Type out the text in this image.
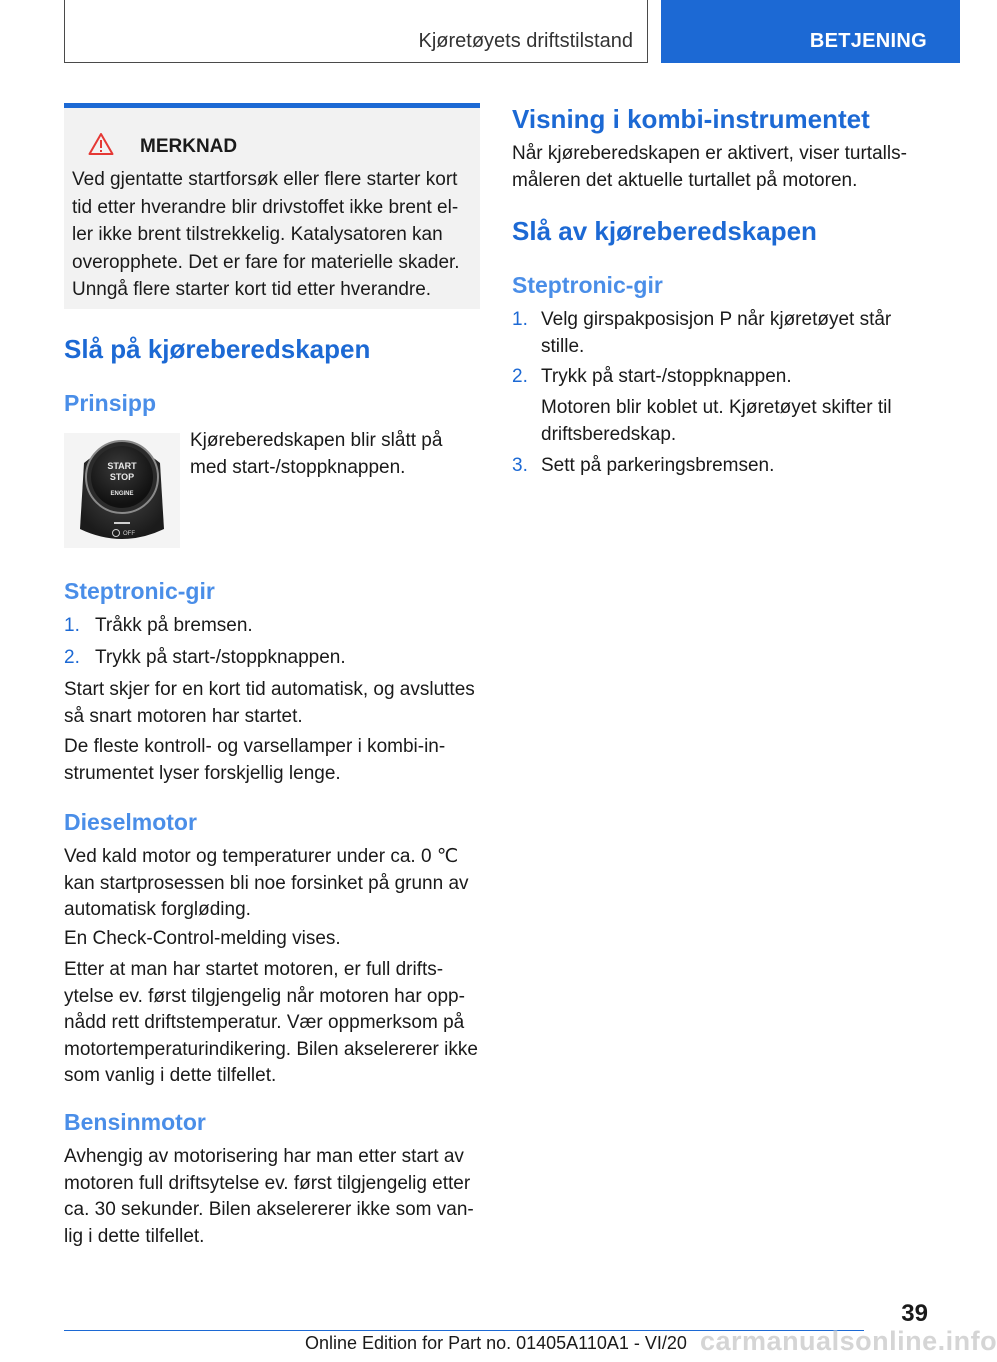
Kjøretøyets driftstilstand	BETJENING
MERKNAD
Ved gjentatte startforsøk eller flere starter kort
tid etter hverandre blir drivstoffet ikke brent el‐
ler ikke brent tilstrekkelig. Katalysatoren kan
overopphete. Det er fare for materielle skader.
Unngå flere starter kort tid etter hverandre.
Slå på kjøreberedskapen
Prinsipp
START
STOP
ENGINE
OFF
Kjøreberedskapen blir slått på
med start-/stoppknappen.
Steptronic-gir
1. Tråkk på bremsen.
2. Trykk på start-/stoppknappen.
Start skjer for en kort tid automatisk, og avsluttes
så snart motoren har startet.
De fleste kontroll- og varsellamper i kombi-in‐
strumentet lyser forskjellig lenge.
Dieselmotor
Ved kald motor og temperaturer under ca. 0 ℃
kan startprosessen bli noe forsinket på grunn av
automatisk forgløding.
En Check-Control-melding vises.
Etter at man har startet motoren, er full drifts‐
ytelse ev. først tilgjengelig når motoren har opp‐
nådd rett driftstemperatur. Vær oppmerksom på
motortemperaturindikering. Bilen akselererer ikke
som vanlig i dette tilfellet.
Bensinmotor
Avhengig av motorisering har man etter start av
motoren full driftsytelse ev. først tilgjengelig etter
ca. 30 sekunder. Bilen akselererer ikke som van‐
lig i dette tilfellet.
Visning i kombi-instrumentet
Når kjøreberedskapen er aktivert, viser turtalls‐
måleren det aktuelle turtallet på motoren.
Slå av kjøreberedskapen
Steptronic-gir
1. Velg girspakposisjon P når kjøretøyet står
stille.
2. Trykk på start-/stoppknappen.
Motoren blir koblet ut. Kjøretøyet skifter til
driftsberedskap.
3. Sett på parkeringsbremsen.
39
Online Edition for Part no. 01405A110A1 - VI/20 carmanualsonline.info
